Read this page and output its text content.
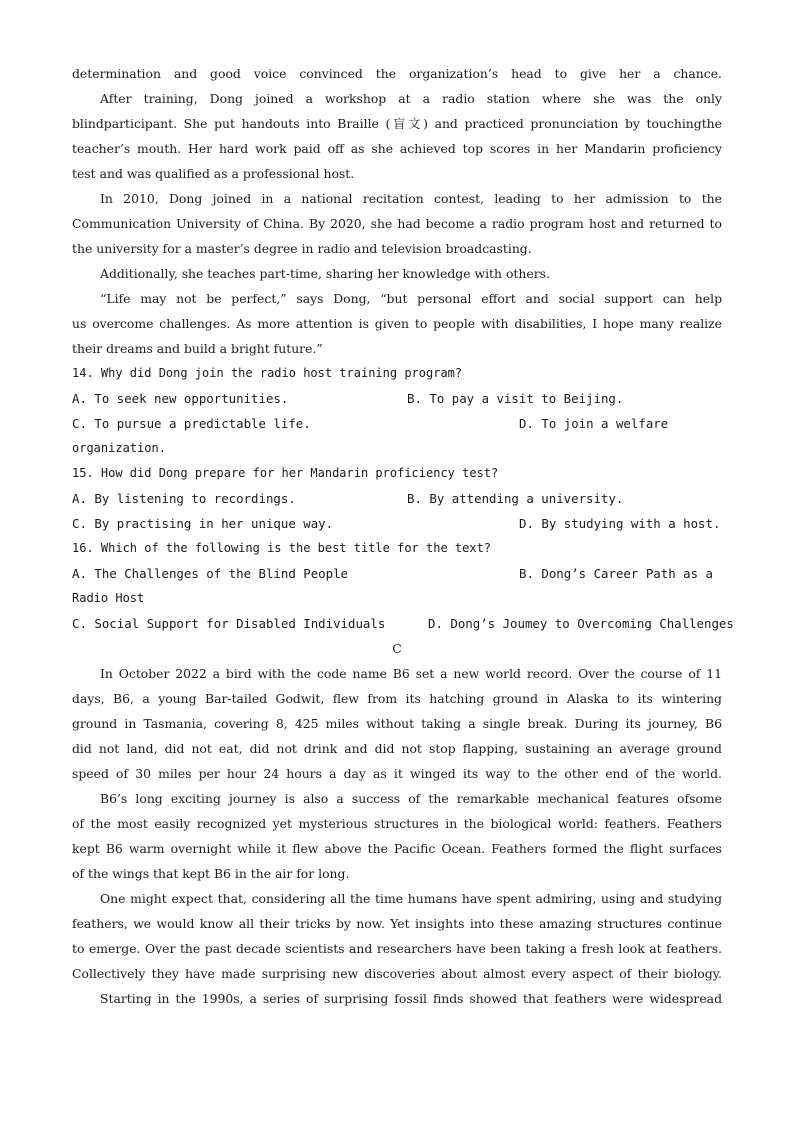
determination and good voice convinced the organization’s head to give her a chance.
After training, Dong joined a workshop at a radio station where she was the only
blindparticipant. She put handouts into Braille (盲文) and practiced pronunciation by touchingthe
teacher’s mouth. Her hard work paid off as she achieved top scores in her Mandarin proficiency
test and was qualified as a professional host.
In 2010, Dong joined in a national recitation contest, leading to her admission to the
Communication University of China. By 2020, she had become a radio program host and returned to
the university for a master’s degree in radio and television broadcasting.
Additionally, she teaches part-time, sharing her knowledge with others.
“Life may not be perfect,” says Dong, “but personal effort and social support can help
us overcome challenges. As more attention is given to people with disabilities, I hope many realize
their dreams and build a bright future.”
14. Why did Dong join the radio host training program?
A. To seek new opportunities.	B. To pay a visit to Beijing.
C. To pursue a predictable life.	D. To join a welfare
organization.
15. How did Dong prepare for her Mandarin proficiency test?
A. By listening to recordings.	B. By attending a university.
C. By practising in her unique way.	D. By studying with a host.
16. Which of the following is the best title for the text?
A. The Challenges of the Blind People	B. Dong’s Career Path as a
Radio Host
C. Social Support for Disabled Individuals	D. Dong’s Joumey to Overcoming Challenges
C
In October 2022 a bird with the code name B6 set a new world record. Over the course of 11
days, B6, a young Bar-tailed Godwit, flew from its hatching ground in Alaska to its wintering
ground in Tasmania, covering 8, 425 miles without taking a single break. During its journey, B6
did not land, did not eat, did not drink and did not stop flapping, sustaining an average ground
speed of 30 miles per hour 24 hours a day as it winged its way to the other end of the world.
B6’s long exciting journey is also a success of the remarkable mechanical features ofsome
of the most easily recognized yet mysterious structures in the biological world: feathers. Feathers
kept B6 warm overnight while it flew above the Pacific Ocean. Feathers formed the flight surfaces
of the wings that kept B6 in the air for long.
One might expect that, considering all the time humans have spent admiring, using and studying
feathers, we would know all their tricks by now. Yet insights into these amazing structures continue
to emerge. Over the past decade scientists and researchers have been taking a fresh look at feathers.
Collectively they have made surprising new discoveries about almost every aspect of their biology.
Starting in the 1990s, a series of surprising fossil finds showed that feathers were widespread
